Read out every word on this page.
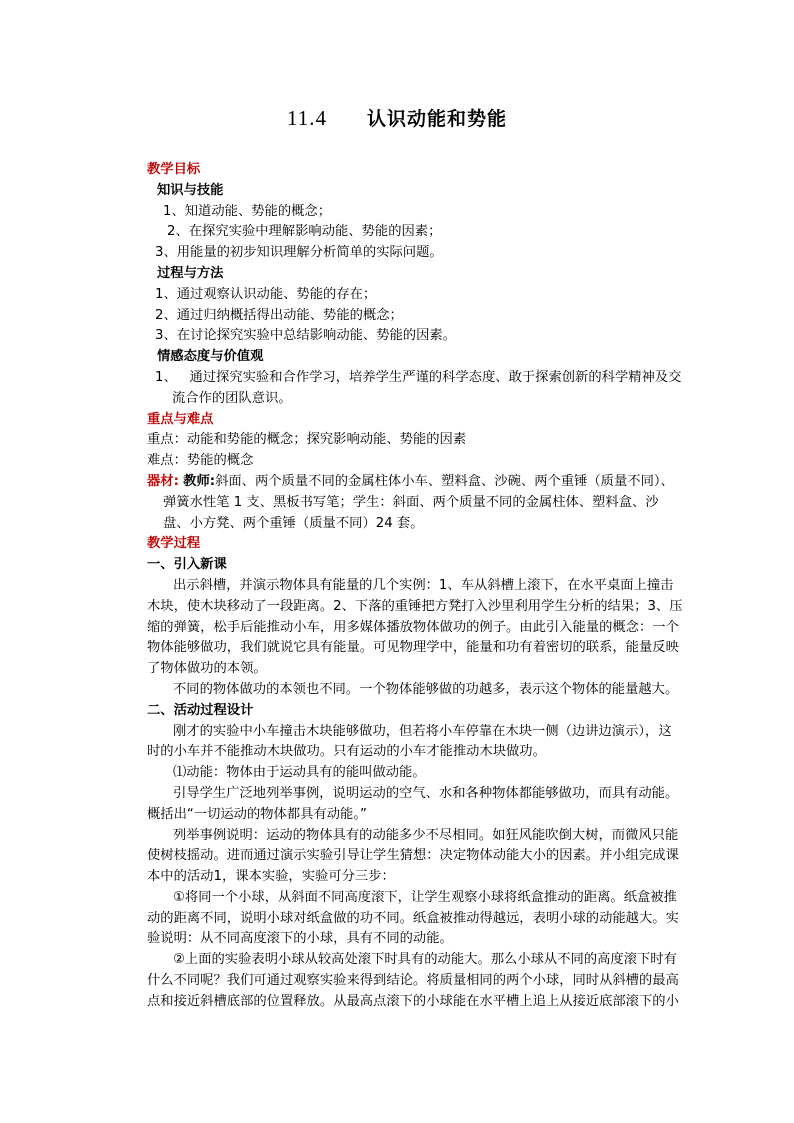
11.4 认识动能和势能

教学目标

知识与技能

1、知道动能、势能的概念；

2、在探究实验中理解影响动能、势能的因素；

3、用能量的初步知识理解分析简单的实际问题。

过程与方法

1、通过观察认识动能、势能的存在；

2、通过归纳概括得出动能、势能的概念；

3、在讨论探究实验中总结影响动能、势能的因素。

情感态度与价值观

1、 通过探究实验和合作学习，培养学生严谨的科学态度、敢于探索创新的科学精神及交流合作的团队意识。

重点与难点

重点：动能和势能的概念；探究影响动能、势能的因素

难点：势能的概念

器材: 教师:斜面、两个质量不同的金属柱体小车、塑料盒、沙碗、两个重锤（质量不同）、弹簧水性笔 1 支、黑板书写笔；学生：斜面、两个质量不同的金属柱体、塑料盒、沙盘、小方凳、两个重锤（质量不同）24 套。

教学过程

一、引入新课

出示斜槽，并演示物体具有能量的几个实例：1、车从斜槽上滚下，在水平桌面上撞击木块，使木块移动了一段距离。2、下落的重锤把方凳打入沙里利用学生分析的结果；3、压缩的弹簧，松手后能推动小车，用多媒体播放物体做功的例子。由此引入能量的概念：一个物体能够做功，我们就说它具有能量。可见物理学中，能量和功有着密切的联系，能量反映了物体做功的本领。

不同的物体做功的本领也不同。一个物体能够做的功越多，表示这个物体的能量越大。

二、活动过程设计

刚才的实验中小车撞击木块能够做功，但若将小车停靠在木块一侧（边讲边演示），这时的小车并不能推动木块做功。只有运动的小车才能推动木块做功。

⑴动能：物体由于运动具有的能叫做动能。

引导学生广泛地列举事例，说明运动的空气、水和各种物体都能够做功，而具有动能。概括出“一切运动的物体都具有动能。”

列举事例说明：运动的物体具有的动能多少不尽相同。如狂风能吹倒大树，而微风只能使树枝摇动。进而通过演示实验引导让学生猜想：决定物体动能大小的因素。并小组完成课本中的活动1，课本实验，实验可分三步：

①将同一个小球，从斜面不同高度滚下，让学生观察小球将纸盒推动的距离。纸盒被推动的距离不同，说明小球对纸盒做的功不同。纸盒被推动得越远，表明小球的动能越大。实验说明：从不同高度滚下的小球，具有不同的动能。

②上面的实验表明小球从较高处滚下时具有的动能大。那么小球从不同的高度滚下时有什么不同呢？我们可通过观察实验来得到结论。将质量相同的两个小球，同时从斜槽的最高点和接近斜槽底部的位置释放。从最高点滚下的小球能在水平槽上追上从接近底部滚下的小
